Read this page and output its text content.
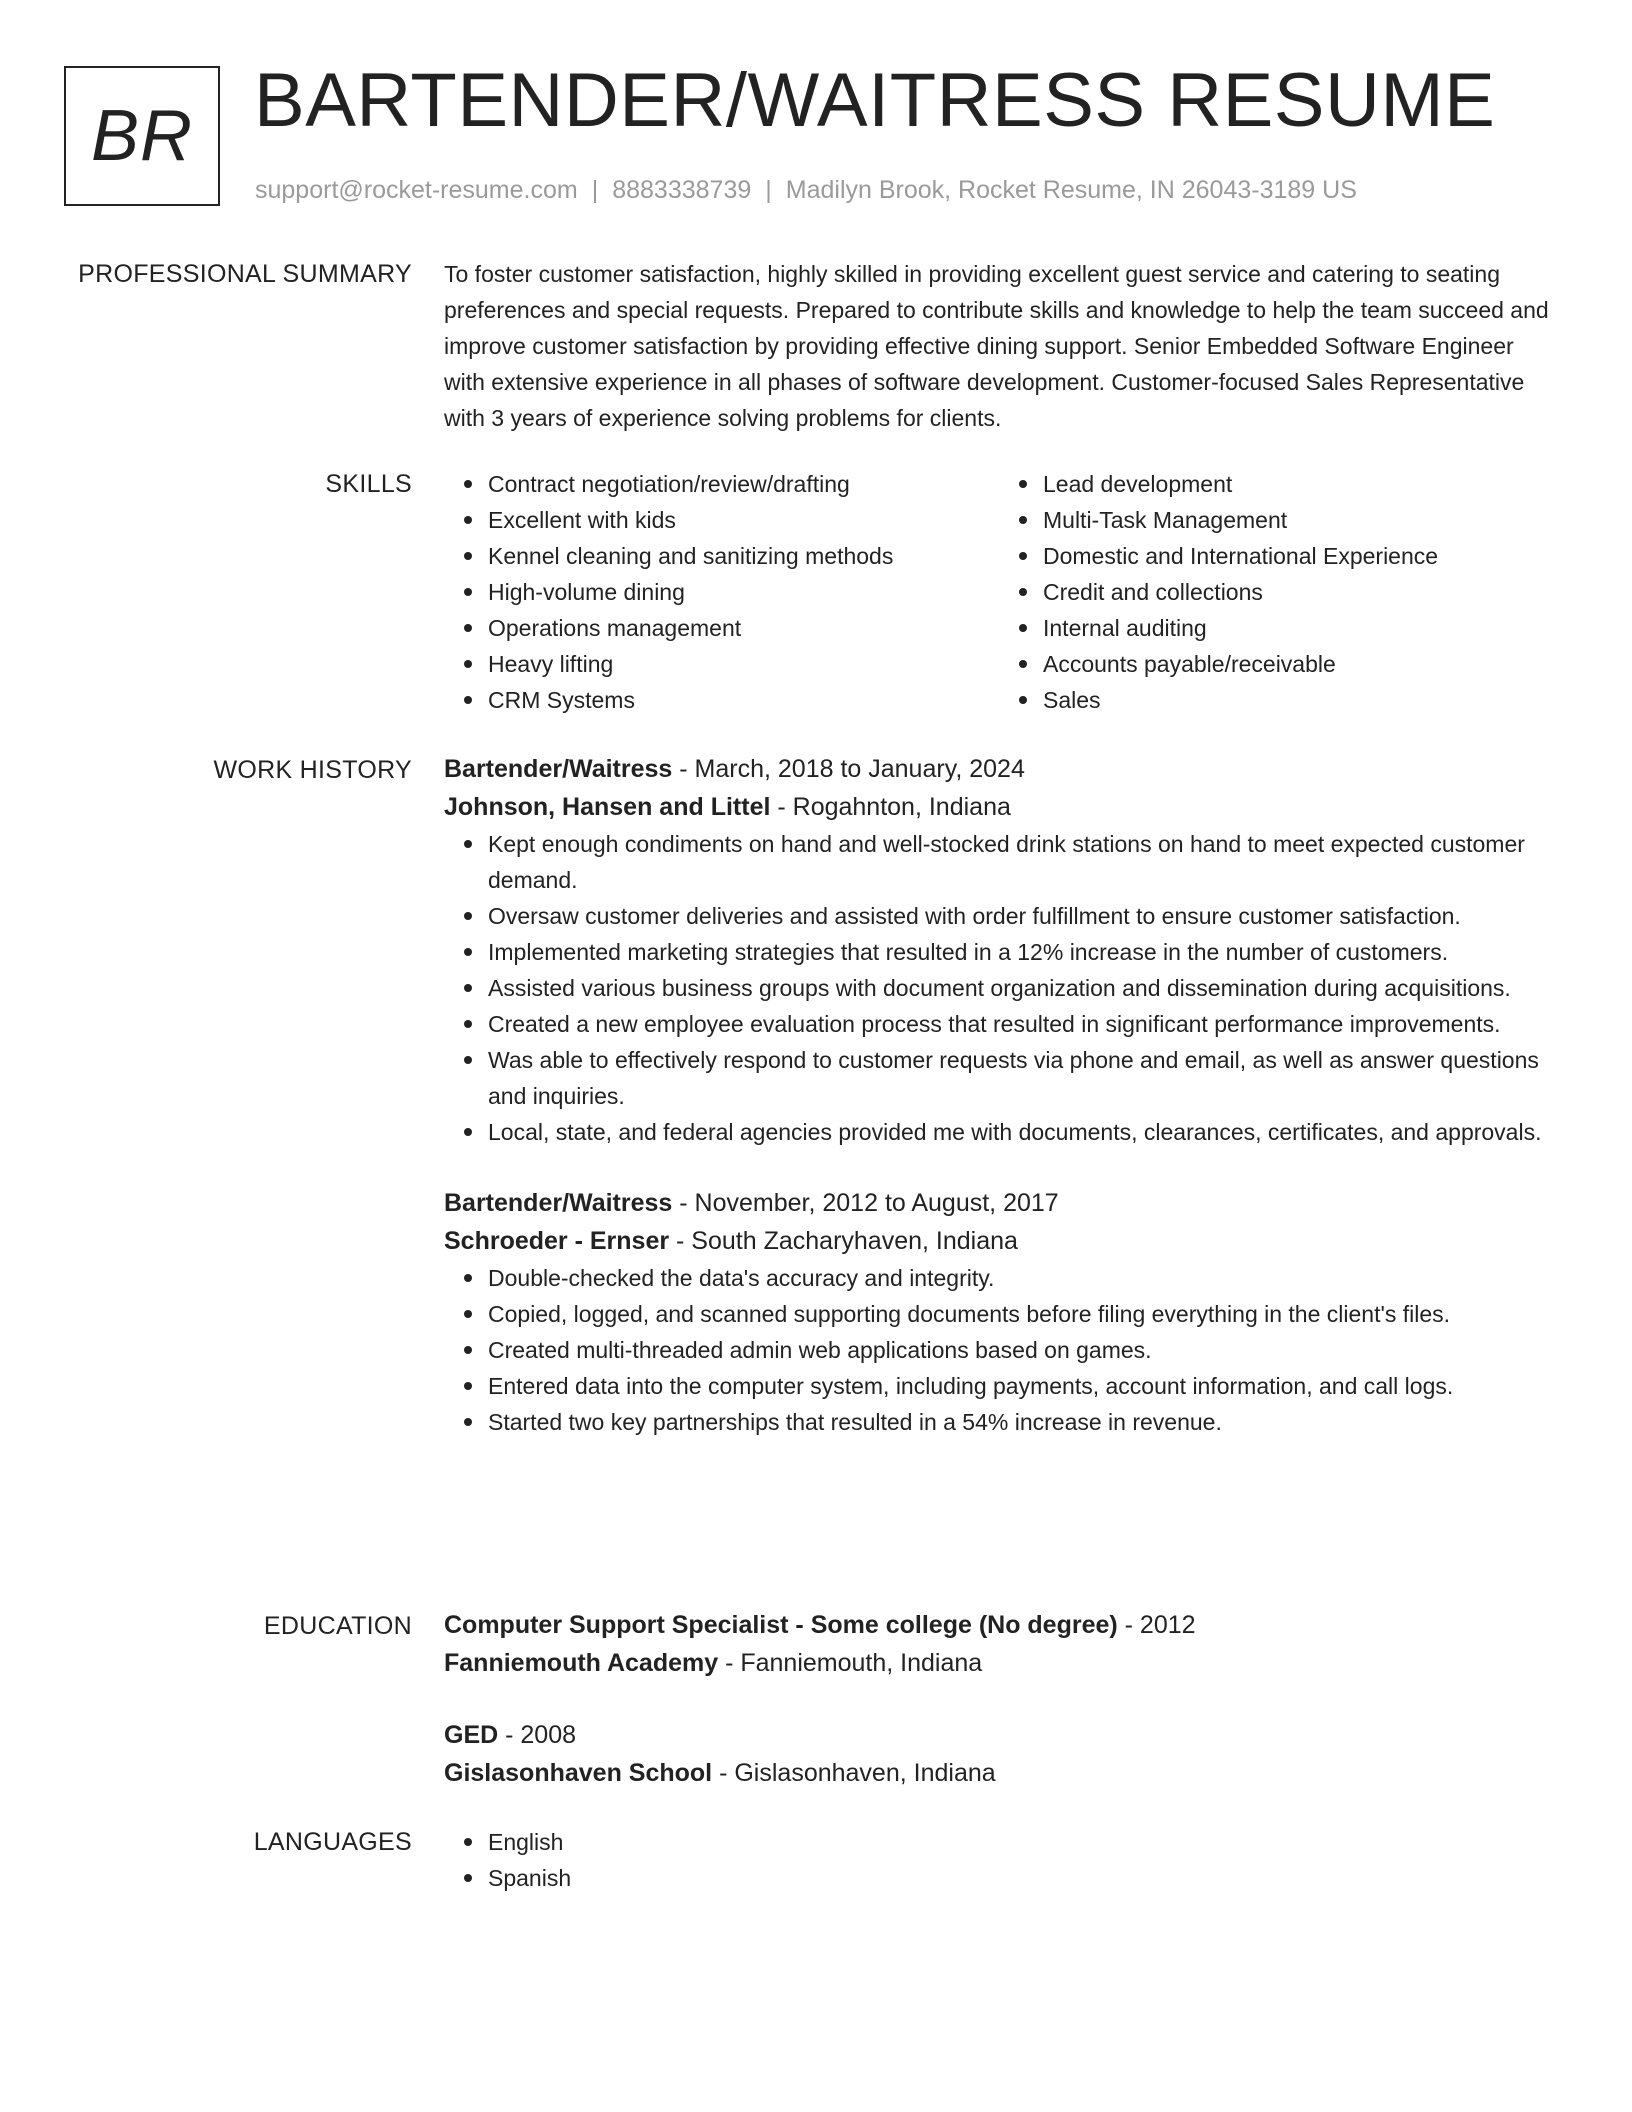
BR BARTENDER/WAITRESS RESUME
support@rocket-resume.com | 8883338739 | Madilyn Brook, Rocket Resume, IN 26043-3189 US
PROFESSIONAL SUMMARY To foster customer satisfaction, highly skilled in providing excellent guest service and catering to seating preferences and special requests. Prepared to contribute skills and knowledge to help the team succeed and improve customer satisfaction by providing effective dining support. Senior Embedded Software Engineer with extensive experience in all phases of software development. Customer-focused Sales Representative with 3 years of experience solving problems for clients.
SKILLS	Contract negotiation/review/drafting
Excellent with kids
Kennel cleaning and sanitizing methods
High-volume dining
Operations management
Heavy lifting
CRM Systems
Lead development
Multi-Task Management
Domestic and International Experience
Credit and collections
Internal auditing
Accounts payable/receivable
Sales
WORK HISTORY Bartender/Waitress - March, 2018 to January, 2024
Johnson, Hansen and Littel - Rogahnton, Indiana
Kept enough condiments on hand and well-stocked drink stations on hand to meet expected customer demand.
Oversaw customer deliveries and assisted with order fulfillment to ensure customer satisfaction.
Implemented marketing strategies that resulted in a 12% increase in the number of customers.
Assisted various business groups with document organization and dissemination during acquisitions.
Created a new employee evaluation process that resulted in significant performance improvements.
Was able to effectively respond to customer requests via phone and email, as well as answer questions and inquiries.
Local, state, and federal agencies provided me with documents, clearances, certificates, and approvals.
Bartender/Waitress - November, 2012 to August, 2017
Schroeder - Ernser - South Zacharyhaven, Indiana
Double-checked the data's accuracy and integrity.
Copied, logged, and scanned supporting documents before filing everything in the client's files.
Created multi-threaded admin web applications based on games.
Entered data into the computer system, including payments, account information, and call logs.
Started two key partnerships that resulted in a 54% increase in revenue.
EDUCATION Computer Support Specialist - Some college (No degree) - 2012
Fanniemouth Academy - Fanniemouth, Indiana
GED - 2008
Gislasonhaven School - Gislasonhaven, Indiana
LANGUAGES	English
Spanish
